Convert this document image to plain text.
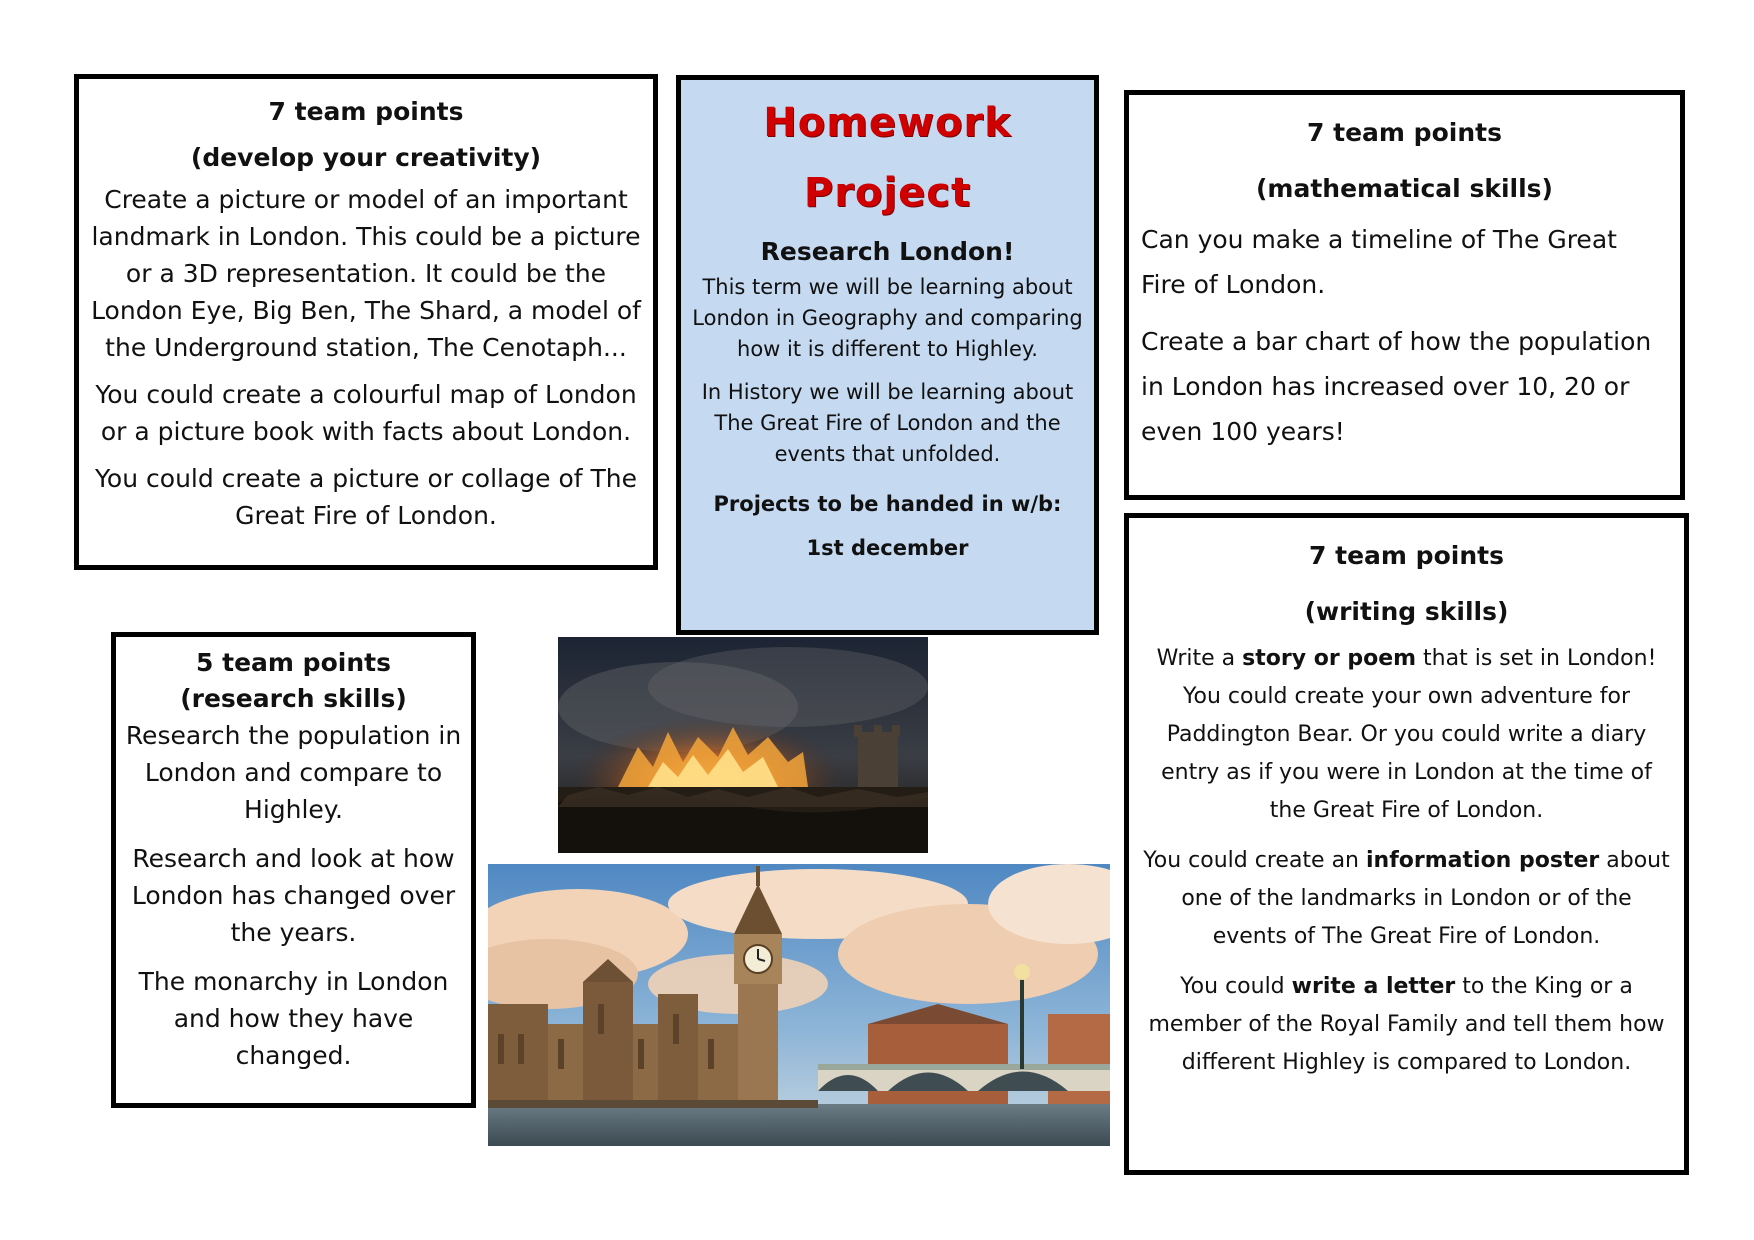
7 team points

(develop your creativity)

Create a picture or model of an important landmark in London. This could be a picture or a 3D representation. It could be the London Eye, Big Ben, The Shard, a model of the Underground station, The Cenotaph...

You could create a colourful map of London or a picture book with facts about London.

You could create a picture or collage of The Great Fire of London.

Homework

Project

Research London!

This term we will be learning about London in Geography and comparing how it is different to Highley.

In History we will be learning about The Great Fire of London and the events that unfolded.

Projects to be handed in w/b:

1st december

7 team points

(mathematical skills)

Can you make a timeline of The Great Fire of London.

Create a bar chart of how the population in London has increased over 10, 20 or even 100 years!

7 team points

(writing skills)

Write a story or poem that is set in London! You could create your own adventure for Paddington Bear. Or you could write a diary entry as if you were in London at the time of the Great Fire of London.

You could create an information poster about one of the landmarks in London or of the events of The Great Fire of London.

You could write a letter to the King or a member of the Royal Family and tell them how different Highley is compared to London.

5 team points

(research skills)

Research the population in London and compare to Highley.

Research and look at how London has changed over the years.

The monarchy in London and how they have changed.
